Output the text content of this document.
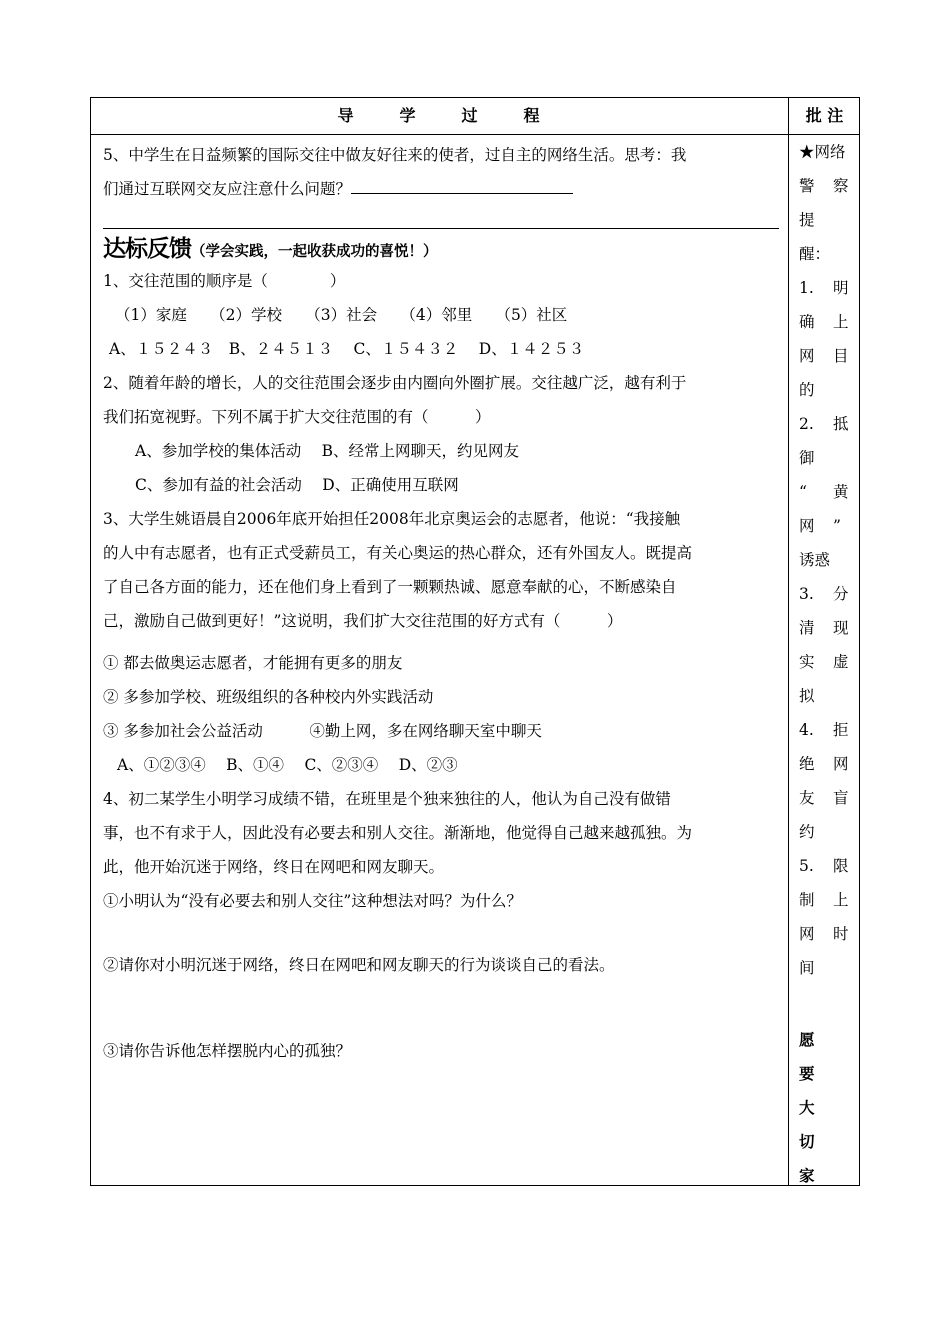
导	学	过	程	批 注
5、中学生在日益频繁的国际交往中做友好往来的使者，过自主的网络生活。思考：我
们通过互联网交友应注意什么问题？
达标反馈（学会实践，一起收获成功的喜悦！）
1、交往范围的顺序是（　　　　）
（1）家庭　　（2）学校　　（3）社会　　（4）邻里　　（5）社区
A、１５２４３　B、２４５１３　 C、１５４３２　 D、１４２５３
2、随着年龄的增长，人的交往范围会逐步由内圈向外圈扩展。交往越广泛，越有利于
我们拓宽视野。下列不属于扩大交往范围的有（　　　）
A、参加学校的集体活动　 B、经常上网聊天，约见网友
C、参加有益的社会活动　 D、正确使用互联网
3、大学生姚语晨自2006年底开始担任2008年北京奥运会的志愿者，他说：“我接触
的人中有志愿者，也有正式受薪员工，有关心奥运的热心群众，还有外国友人。既提高
了自己各方面的能力，还在他们身上看到了一颗颗热诚、愿意奉献的心，不断感染自
己，激励自己做到更好！”这说明，我们扩大交往范围的好方式有（　　　）
① 都去做奥运志愿者，才能拥有更多的朋友
② 多参加学校、班级组织的各种校内外实践活动
③ 多参加社会公益活动　　　④勤上网，多在网络聊天室中聊天
A、①②③④　 B、①④　 C、②③④　 D、②③
4、初二某学生小明学习成绩不错，在班里是个独来独往的人，他认为自己没有做错
事，也不有求于人，因此没有必要去和别人交往。渐渐地，他觉得自己越来越孤独。为
此，他开始沉迷于网络，终日在网吧和网友聊天。
①小明认为“没有必要去和别人交往”这种想法对吗？为什么？
②请你对小明沉迷于网络，终日在网吧和网友聊天的行为谈谈自己的看法。
③请你告诉他怎样摆脱内心的孤独？
★网络
警 察
提
醒：
1. 明
确 上
网 目
的
2. 抵
御
“ 黄
网 ”
诱惑
3. 分
清 现
实 虚
拟
4. 拒
绝 网
友 盲
约
5. 限
制 上
网 时
间
愿
要
大
切
家
